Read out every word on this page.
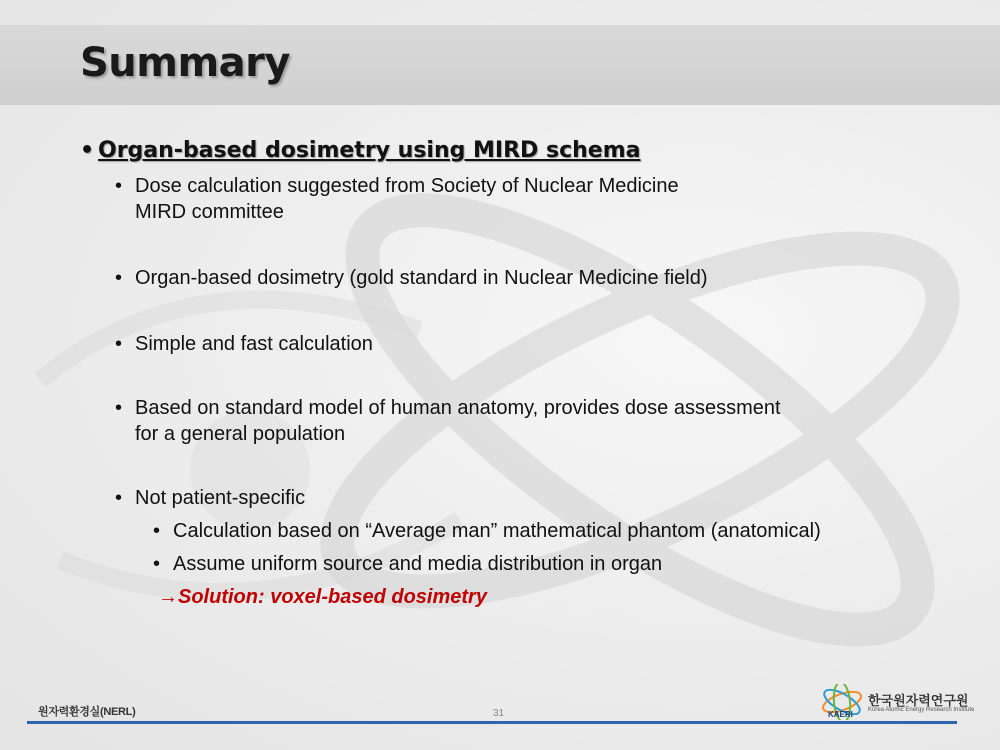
Summary
• Organ-based dosimetry using MIRD schema
• Dose calculation suggested from Society of Nuclear Medicine
MIRD committee
• Organ-based dosimetry (gold standard in Nuclear Medicine field)
• Simple and fast calculation
• Based on standard model of human anatomy, provides dose assessment
for a general population
• Not patient-specific
• Calculation based on “Average man” mathematical phantom (anatomical)
• Assume uniform source and media distribution in organ
→Solution: voxel-based dosimetry
원자력환경실(NERL)	31	KAERI
한국원자력연구원
Korea Atomic Energy Research Institute
